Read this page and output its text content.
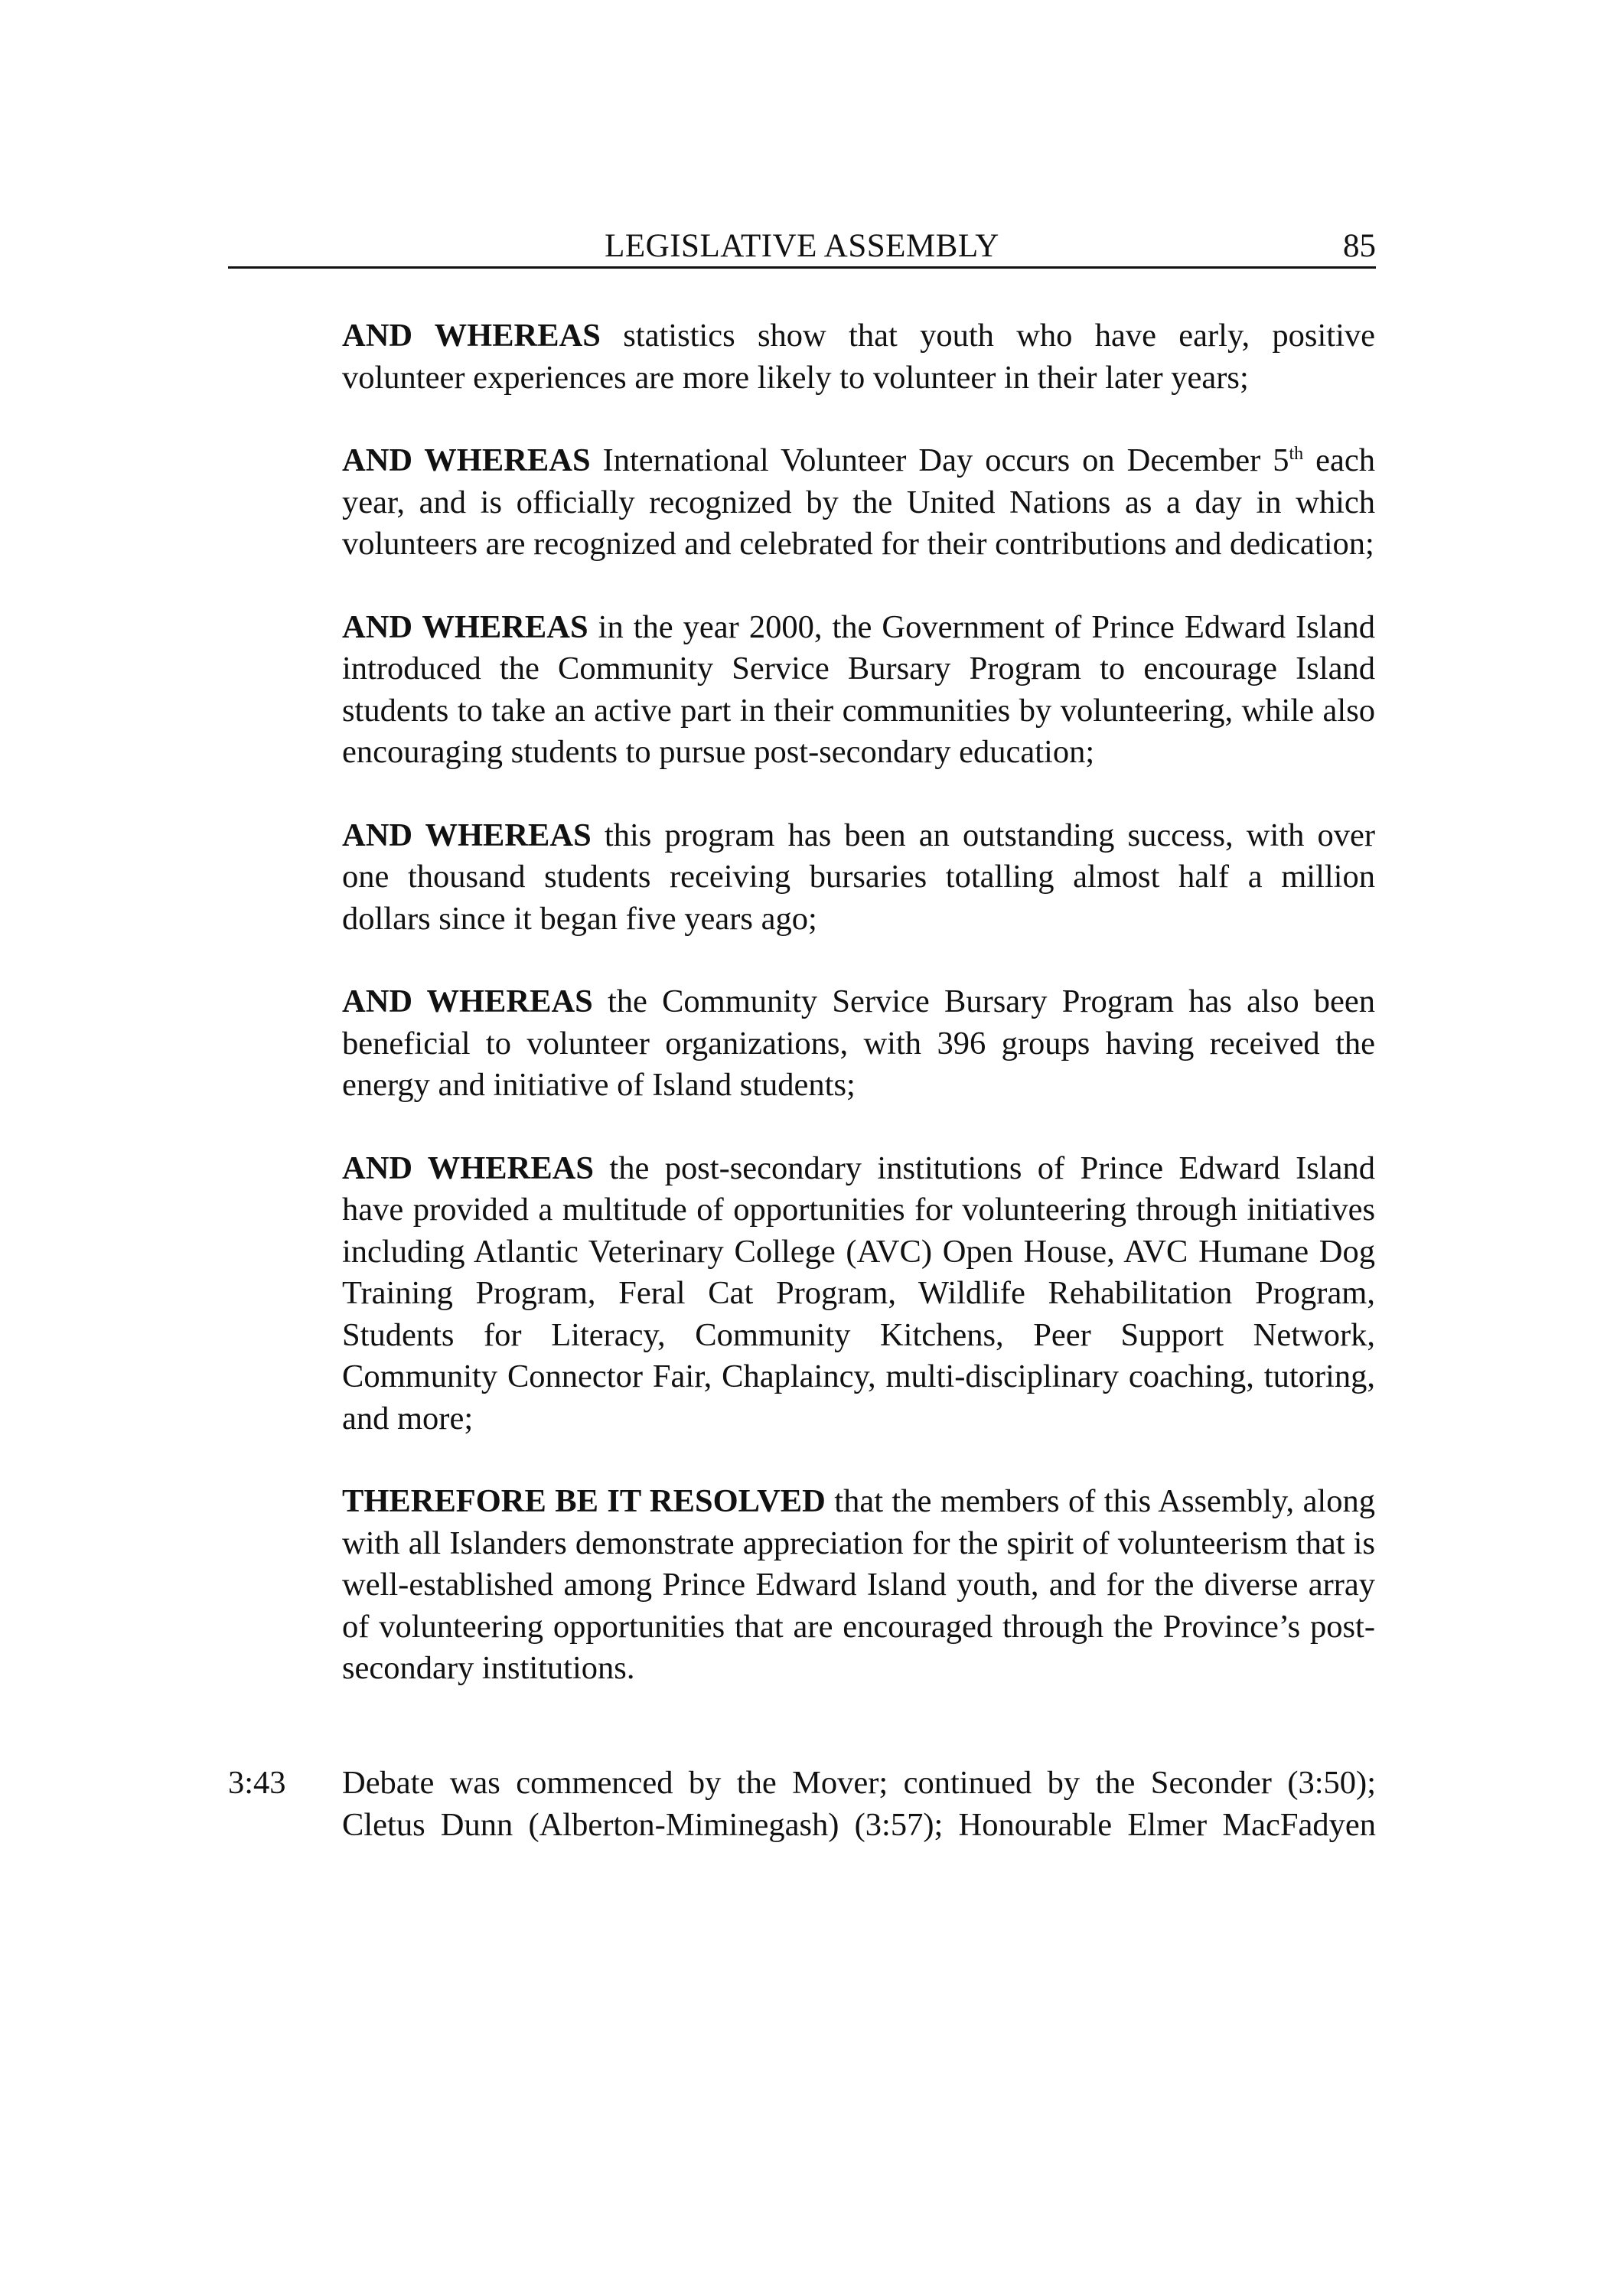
LEGISLATIVE ASSEMBLY	85

AND WHEREAS statistics show that youth who have early, positive volunteer experiences are more likely to volunteer in their later years;

AND WHEREAS International Volunteer Day occurs on December 5th each year, and is officially recognized by the United Nations as a day in which volunteers are recognized and celebrated for their contributions and dedication;

AND WHEREAS in the year 2000, the Government of Prince Edward Island introduced the Community Service Bursary Program to encourage Island students to take an active part in their communities by volunteering, while also encouraging students to pursue post-secondary education;

AND WHEREAS this program has been an outstanding success, with over one thousand students receiving bursaries totalling almost half a million dollars since it began five years ago;

AND WHEREAS the Community Service Bursary Program has also been beneficial to volunteer organizations, with 396 groups having received the energy and initiative of Island students;

AND WHEREAS the post-secondary institutions of Prince Edward Island have provided a multitude of opportunities for volunteering through initiatives including Atlantic Veterinary College (AVC) Open House, AVC Humane Dog Training Program, Feral Cat Program, Wildlife Rehabilitation Program, Students for Literacy, Community Kitchens, Peer Support Network, Community Connector Fair, Chaplaincy, multi-disciplinary coaching, tutoring, and more;

THEREFORE BE IT RESOLVED that the members of this Assembly, along with all Islanders demonstrate appreciation for the spirit of volunteerism that is well-established among Prince Edward Island youth, and for the diverse array of volunteering opportunities that are encouraged through the Province’s post-secondary institutions.

3:43 Debate was commenced by the Mover; continued by the Seconder (3:50); Cletus Dunn (Alberton-Miminegash) (3:57); Honourable Elmer MacFadyen
